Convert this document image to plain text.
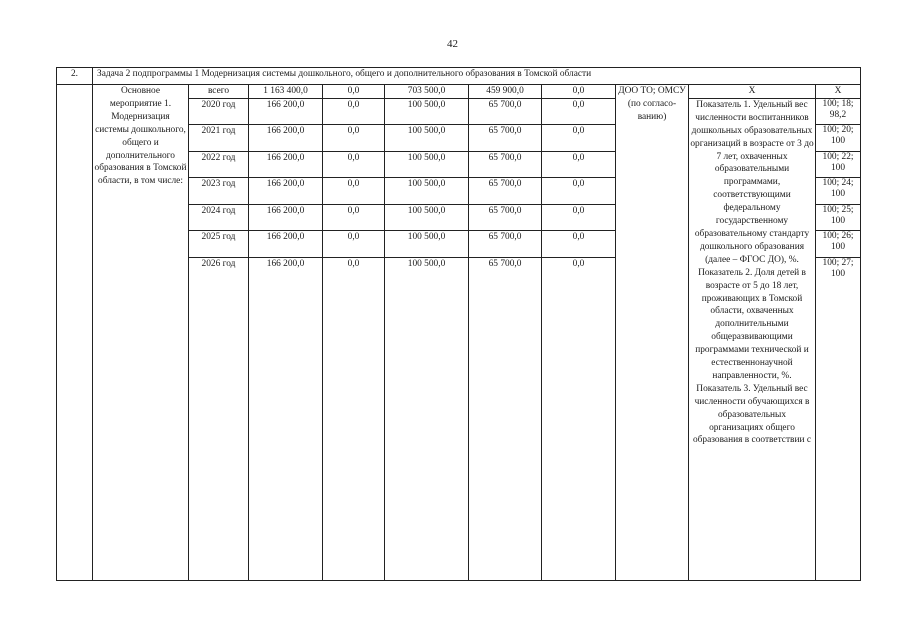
42
2.	Задача 2 подпрограммы 1 Модернизация системы дошкольного, общего и дополнительного образования в Томской области									
	Основное мероприятие 1. Модернизация системы дошкольного, общего и дополнительного образования в Томской области, в том числе:	всего	1 163 400,0	0,0	703 500,0	459 900,0	0,0	ДОО ТО; ОМСУ (по согласо-ванию)	Х	Х
		2020 год	166 200,0	0,0	100 500,0	65 700,0	0,0		Показатель 1. Удельный вес численности воспитанников дошкольных образовательных организаций в возрасте от 3 до 7 лет, охваченных образовательными программами, соответствующими федеральному государственному образовательному стандарту дошкольного образования (далее – ФГОС ДО), %. Показатель 2. Доля детей в возрасте от 5 до 18 лет, проживающих в Томской области, охваченных дополнительными общеразвивающими программами технической и естественнонаучной направленности, %. Показатель 3. Удельный вес численности обучающихся в образовательных организациях общего образования в соответствии с	100; 18; 98,2
		2021 год	166 200,0	0,0	100 500,0	65 700,0	0,0			100; 20; 100
		2022 год	166 200,0	0,0	100 500,0	65 700,0	0,0			100; 22; 100
		2023 год	166 200,0	0,0	100 500,0	65 700,0	0,0			100; 24; 100
		2024 год	166 200,0	0,0	100 500,0	65 700,0	0,0			100; 25; 100
		2025 год	166 200,0	0,0	100 500,0	65 700,0	0,0			100; 26; 100
		2026 год	166 200,0	0,0	100 500,0	65 700,0	0,0			100; 27; 100
